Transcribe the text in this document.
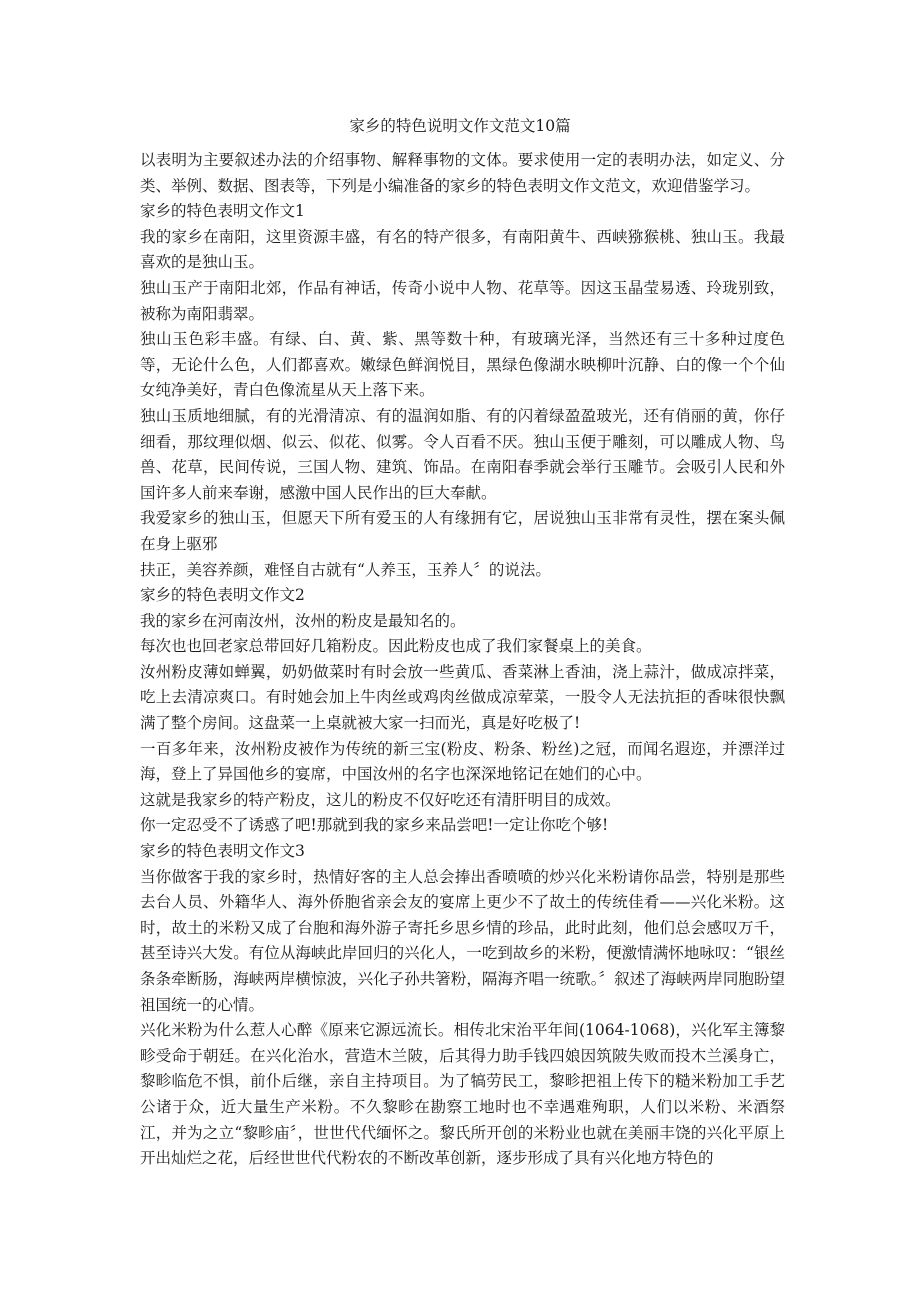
家乡的特色说明文作文范文10篇

以表明为主要叙述办法的介绍事物、解释事物的文体。要求使用一定的表明办法，如定义、分类、举例、数据、图表等，下列是小编准备的家乡的特色表明文作文范文，欢迎借鉴学习。

家乡的特色表明文作文1

我的家乡在南阳，这里资源丰盛，有名的特产很多，有南阳黄牛、西峡猕猴桃、独山玉。我最喜欢的是独山玉。

独山玉产于南阳北郊，作品有神话，传奇小说中人物、花草等。因这玉晶莹易透、玲珑别致，被称为南阳翡翠。

独山玉色彩丰盛。有绿、白、黄、紫、黑等数十种，有玻璃光泽，当然还有三十多种过度色等，无论什么色，人们都喜欢。嫩绿色鲜润悦目，黑绿色像湖水映柳叶沉静、白的像一个个仙女纯净美好，青白色像流星从天上落下来。

独山玉质地细腻，有的光滑清凉、有的温润如脂、有的闪着绿盈盈玻光，还有俏丽的黄，你仔细看，那纹理似烟、似云、似花、似雾。令人百看不厌。独山玉便于雕刻，可以雕成人物、鸟兽、花草，民间传说，三国人物、建筑、饰品。在南阳春季就会举行玉雕节。会吸引人民和外国许多人前来奉谢，感激中国人民作出的巨大奉献。

我爱家乡的独山玉，但愿天下所有爱玉的人有缘拥有它，居说独山玉非常有灵性，摆在案头佩在身上驱邪

扶正，美容养颜，难怪自古就有“人养玉，玉养人〞的说法。

家乡的特色表明文作文2

我的家乡在河南汝州，汝州的粉皮是最知名的。

每次也也回老家总带回好几箱粉皮。因此粉皮也成了我们家餐桌上的美食。

汝州粉皮薄如蝉翼，奶奶做菜时有时会放一些黄瓜、香菜淋上香油，浇上蒜汁，做成凉拌菜，吃上去清凉爽口。有时她会加上牛肉丝或鸡肉丝做成凉荤菜，一股令人无法抗拒的香味很快飘满了整个房间。这盘菜一上桌就被大家一扫而光，真是好吃极了!

一百多年来，汝州粉皮被作为传统的新三宝(粉皮、粉条、粉丝)之冠，而闻名遐迩，并漂洋过海，登上了异国他乡的宴席，中国汝州的名字也深深地铭记在她们的心中。

这就是我家乡的特产粉皮，这儿的粉皮不仅好吃还有清肝明目的成效。

你一定忍受不了诱惑了吧!那就到我的家乡来品尝吧!一定让你吃个够!

家乡的特色表明文作文3

当你做客于我的家乡时，热情好客的主人总会捧出香喷喷的炒兴化米粉请你品尝，特别是那些去台人员、外籍华人、海外侨胞省亲会友的宴席上更少不了故土的传统佳肴——兴化米粉。这时，故土的米粉又成了台胞和海外游子寄托乡思乡情的珍品，此时此刻，他们总会感叹万千，甚至诗兴大发。有位从海峡此岸回归的兴化人，一吃到故乡的米粉，便激情满怀地咏叹：“银丝条条牵断肠，海峡两岸横惊波，兴化子孙共箸粉，隔海齐唱一统歌。〞叙述了海峡两岸同胞盼望祖国统一的心情。

兴化米粉为什么惹人心醉《原来它源远流长。相传北宋治平年间(1064-1068)，兴化军主簿黎畛受命于朝廷。在兴化治水，营造木兰陂，后其得力助手钱四娘因筑陂失败而投木兰溪身亡，黎畛临危不惧，前仆后继，亲自主持项目。为了犒劳民工，黎畛把祖上传下的糙米粉加工手艺公诸于众，近大量生产米粉。不久黎畛在勘察工地时也不幸遇难殉职，人们以米粉、米酒祭江，并为之立“黎畛庙〞，世世代代缅怀之。黎氏所开创的米粉业也就在美丽丰饶的兴化平原上开出灿烂之花，后经世世代代粉农的不断改革创新，逐步形成了具有兴化地方特色的
